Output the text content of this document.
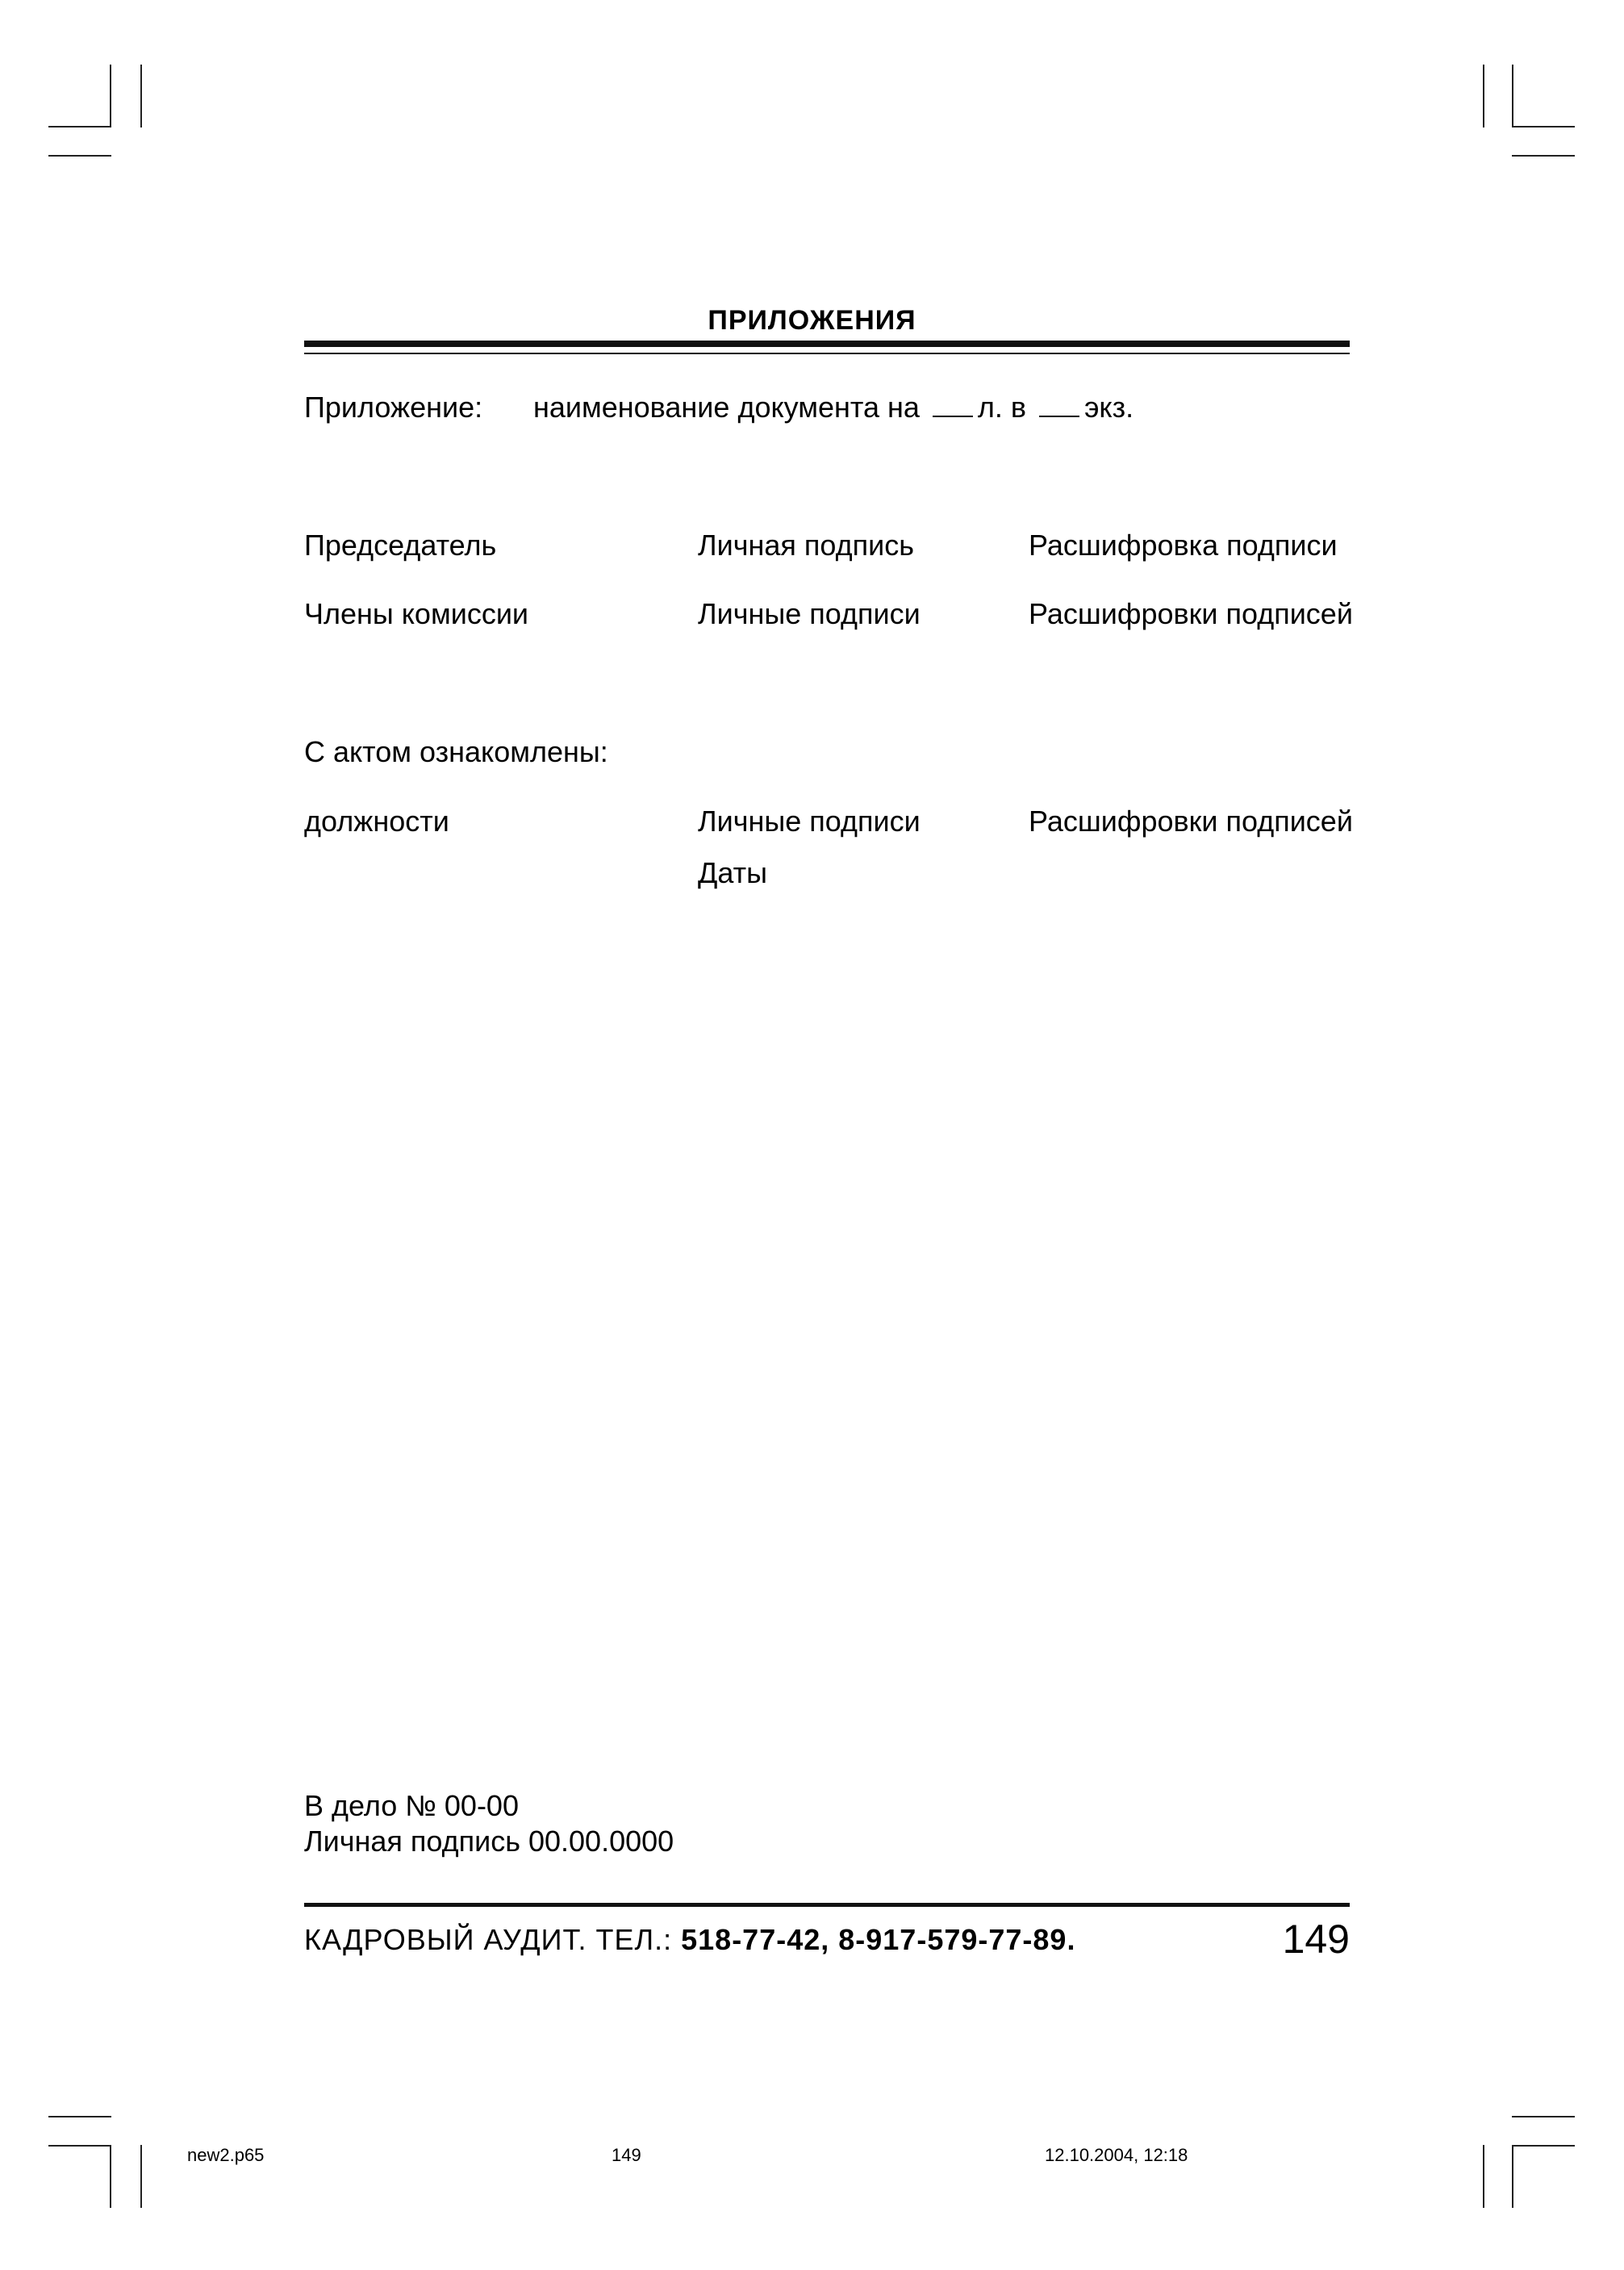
ПРИЛОЖЕНИЯ
Приложение: наименование документа на л. в экз.
Председатель	Личная подпись	Расшифровка подписи
Члены комиссии	Личные подписи	Расшифровки подписей
С актом ознакомлены:
должности	Личные подписи	Расшифровки подписей
Даты
В дело № 00-00
Личная подпись 00.00.0000
КАДРОВЫЙ АУДИТ. ТЕЛ.: 518-77-42, 8-917-579-77-89.	149
new2.p65	149	12.10.2004, 12:18
